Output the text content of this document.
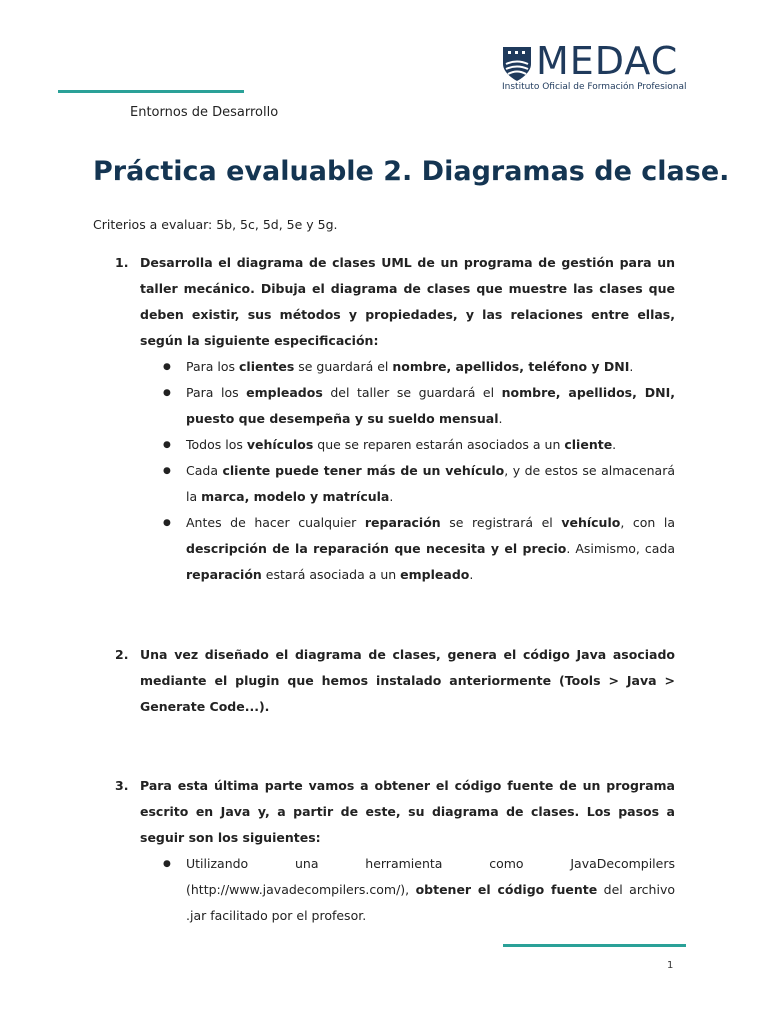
Entornos de Desarrollo
MEDAC
Instituto Oficial de Formación Profesional
Práctica evaluable 2. Diagramas de clase.

Criterios a evaluar: 5b, 5c, 5d, 5e y 5g.

1. Desarrolla el diagrama de clases UML de un programa de gestión para un taller mecánico. Dibuja el diagrama de clases que muestre las clases que deben existir, sus métodos y propiedades, y las relaciones entre ellas, según la siguiente especificación:
● Para los clientes se guardará el nombre, apellidos, teléfono y DNI.
● Para los empleados del taller se guardará el nombre, apellidos, DNI, puesto que desempeña y su sueldo mensual.
● Todos los vehículos que se reparen estarán asociados a un cliente.
● Cada cliente puede tener más de un vehículo, y de estos se almacenará la marca, modelo y matrícula.
● Antes de hacer cualquier reparación se registrará el vehículo, con la descripción de la reparación que necesita y el precio. Asimismo, cada reparación estará asociada a un empleado.
2. Una vez diseñado el diagrama de clases, genera el código Java asociado mediante el plugin que hemos instalado anteriormente (Tools > Java > Generate Code...).
3. Para esta última parte vamos a obtener el código fuente de un programa escrito en Java y, a partir de este, su diagrama de clases. Los pasos a seguir son los siguientes:
● Utilizando una herramienta como JavaDecompilers (http://www.javadecompilers.com/), obtener el código fuente del archivo .jar facilitado por el profesor.
1
